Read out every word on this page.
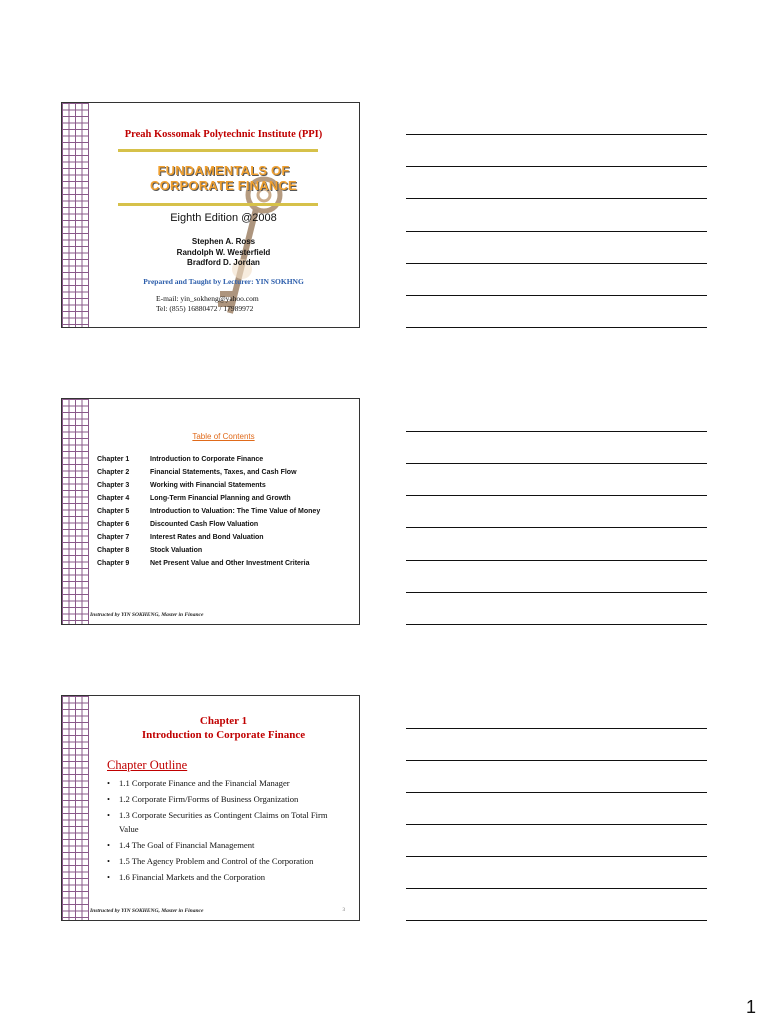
Preah Kossomak Polytechnic Institute (PPI)
FUNDAMENTALS OF
CORPORATE FINANCE
Eighth Edition @2008
Stephen A. Ross
Randolph W. Westerfield
Bradford D. Jordan
Prepared and Taught by Lecturer: YIN SOKHNG
E-mail: yin_sokheng@yahoo.com
Tel: (855) 16880472 / 17989972
Table of Contents
Chapter 1	Introduction to Corporate Finance
Chapter 2	Financial Statements, Taxes, and Cash Flow
Chapter 3	Working with Financial Statements
Chapter 4	Long-Term Financial Planning and Growth
Chapter 5	Introduction to Valuation: The Time Value of Money
Chapter 6	Discounted Cash Flow Valuation
Chapter 7	Interest Rates and Bond Valuation
Chapter 8	Stock Valuation
Chapter 9	Net Present Value and Other Investment Criteria
Instructed by YIN SOKHENG, Master in Finance
Chapter 1
Introduction to Corporate Finance
Chapter Outline
• 1.1 Corporate Finance and the Financial Manager
• 1.2 Corporate Firm/Forms of Business Organization
• 1.3 Corporate Securities as Contingent Claims on Total Firm Value
• 1.4 The Goal of Financial Management
• 1.5 The Agency Problem and Control of the Corporation
• 1.6 Financial Markets and the Corporation
Instructed by YIN SOKHENG, Master in Finance	3
1
